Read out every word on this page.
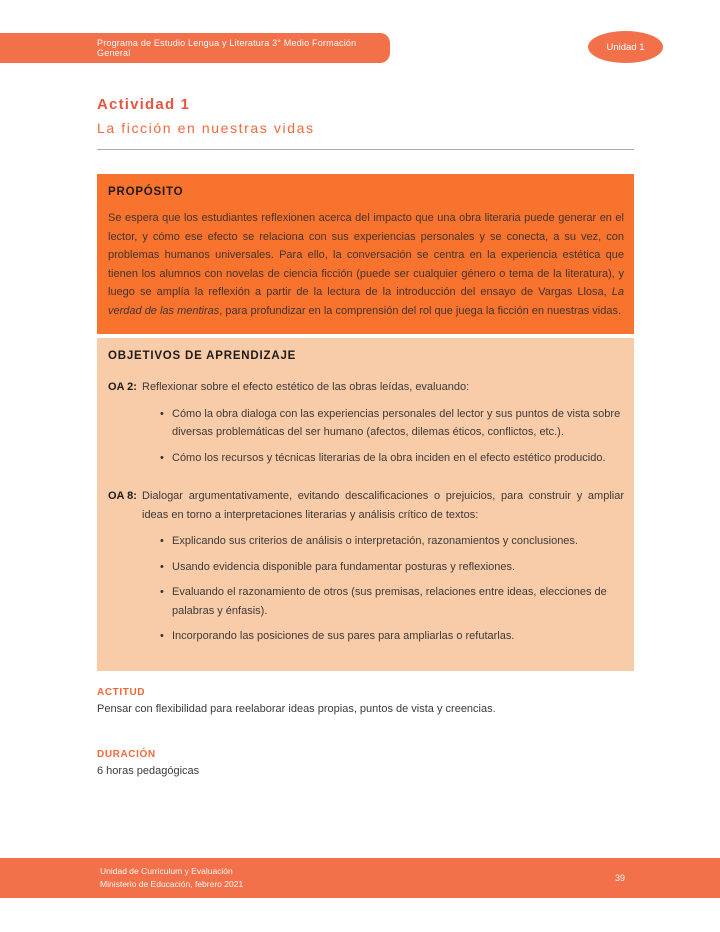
Programa de Estudio Lengua y Literatura 3° Medio Formación General
Unidad 1
Actividad 1
La ficción en nuestras vidas
PROPÓSITO

Se espera que los estudiantes reflexionen acerca del impacto que una obra literaria puede generar en el lector, y cómo ese efecto se relaciona con sus experiencias personales y se conecta, a su vez, con problemas humanos universales. Para ello, la conversación se centra en la experiencia estética que tienen los alumnos con novelas de ciencia ficción (puede ser cualquier género o tema de la literatura), y luego se amplía la reflexión a partir de la lectura de la introducción del ensayo de Vargas Llosa, La verdad de las mentiras, para profundizar en la comprensión del rol que juega la ficción en nuestras vidas.

OBJETIVOS DE APRENDIZAJE
OA 2: Reflexionar sobre el efecto estético de las obras leídas, evaluando:
• Cómo la obra dialoga con las experiencias personales del lector y sus puntos de vista sobre diversas problemáticas del ser humano (afectos, dilemas éticos, conflictos, etc.).
• Cómo los recursos y técnicas literarias de la obra inciden en el efecto estético producido.
OA 8: Dialogar argumentativamente, evitando descalificaciones o prejuicios, para construir y ampliar ideas en torno a interpretaciones literarias y análisis crítico de textos:
• Explicando sus criterios de análisis o interpretación, razonamientos y conclusiones.
• Usando evidencia disponible para fundamentar posturas y reflexiones.
• Evaluando el razonamiento de otros (sus premisas, relaciones entre ideas, elecciones de palabras y énfasis).
• Incorporando las posiciones de sus pares para ampliarlas o refutarlas.
ACTITUD
Pensar con flexibilidad para reelaborar ideas propias, puntos de vista y creencias.
DURACIÓN
6 horas pedagógicas
Unidad de Curriculum y Evaluación
Ministerio de Educación, febrero 2021
39
